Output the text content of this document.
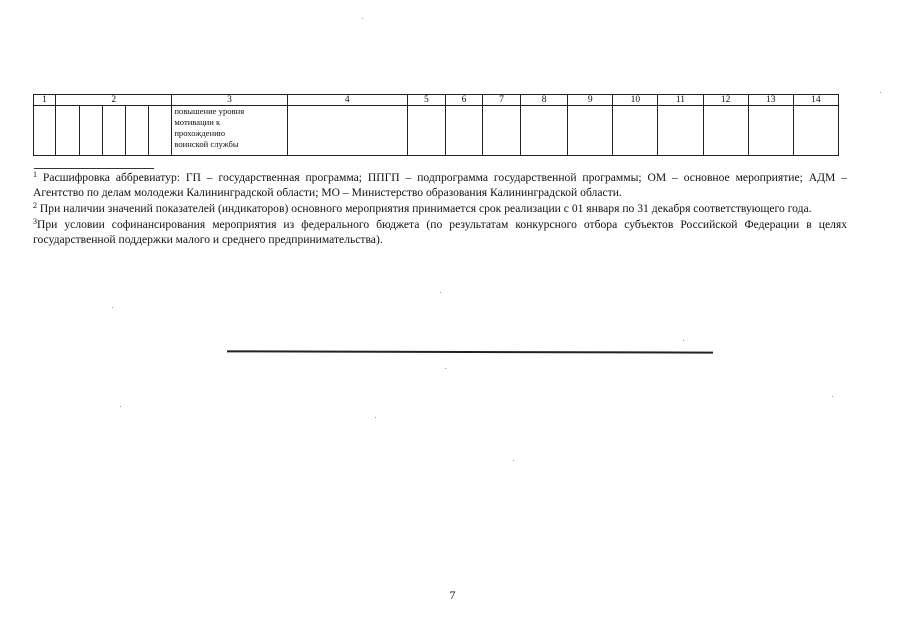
1	2					3	4	5	6	7	8	9	10	11	12	13	14

						повышение уровня
мотивации к
прохождению
воинской службы											

$^1$ Расшифровка аббревиатур: ГП – государственная программа; ППГП – подпрограмма государственной программы; ОМ – основное мероприятие; АДМ – Агентство по делам молодежи Калининградской области; МО – Министерство образования Калининградской области.

$^2$ При наличии значений показателей (индикаторов) основного мероприятия принимается срок реализации с 01 января по 31 декабря соответствующего года.

$^3$При условии софинансирования мероприятия из федерального бюджета (по результатам конкурсного отбора субъектов Российской Федерации в целях государственной поддержки малого и среднего предпринимательства).

7
